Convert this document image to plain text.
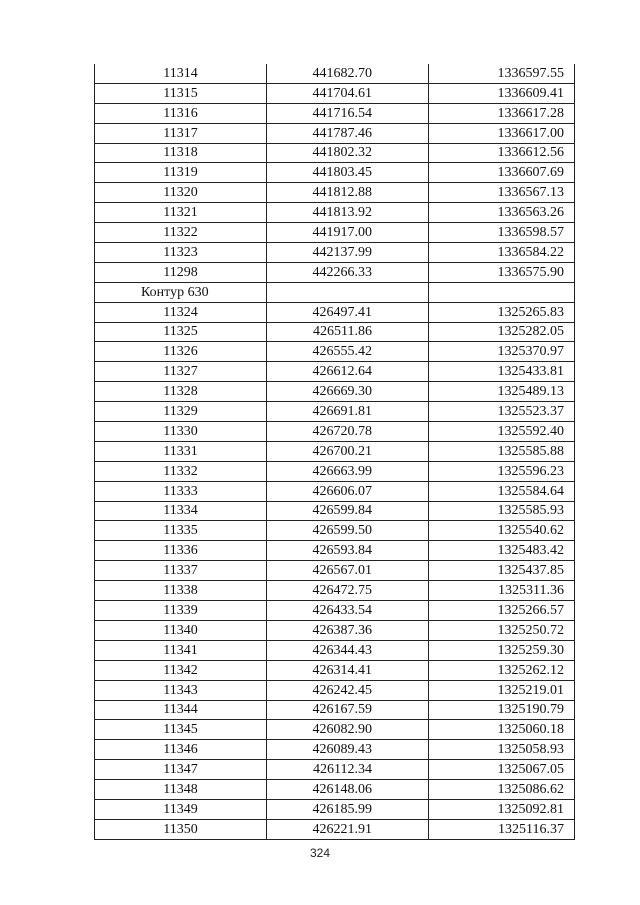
11314	441682.70	1336597.55
11315	441704.61	1336609.41
11316	441716.54	1336617.28
11317	441787.46	1336617.00
11318	441802.32	1336612.56
11319	441803.45	1336607.69
11320	441812.88	1336567.13
11321	441813.92	1336563.26
11322	441917.00	1336598.57
11323	442137.99	1336584.22
11298	442266.33	1336575.90
Контур 630		
11324	426497.41	1325265.83
11325	426511.86	1325282.05
11326	426555.42	1325370.97
11327	426612.64	1325433.81
11328	426669.30	1325489.13
11329	426691.81	1325523.37
11330	426720.78	1325592.40
11331	426700.21	1325585.88
11332	426663.99	1325596.23
11333	426606.07	1325584.64
11334	426599.84	1325585.93
11335	426599.50	1325540.62
11336	426593.84	1325483.42
11337	426567.01	1325437.85
11338	426472.75	1325311.36
11339	426433.54	1325266.57
11340	426387.36	1325250.72
11341	426344.43	1325259.30
11342	426314.41	1325262.12
11343	426242.45	1325219.01
11344	426167.59	1325190.79
11345	426082.90	1325060.18
11346	426089.43	1325058.93
11347	426112.34	1325067.05
11348	426148.06	1325086.62
11349	426185.99	1325092.81
11350	426221.91	1325116.37
324
